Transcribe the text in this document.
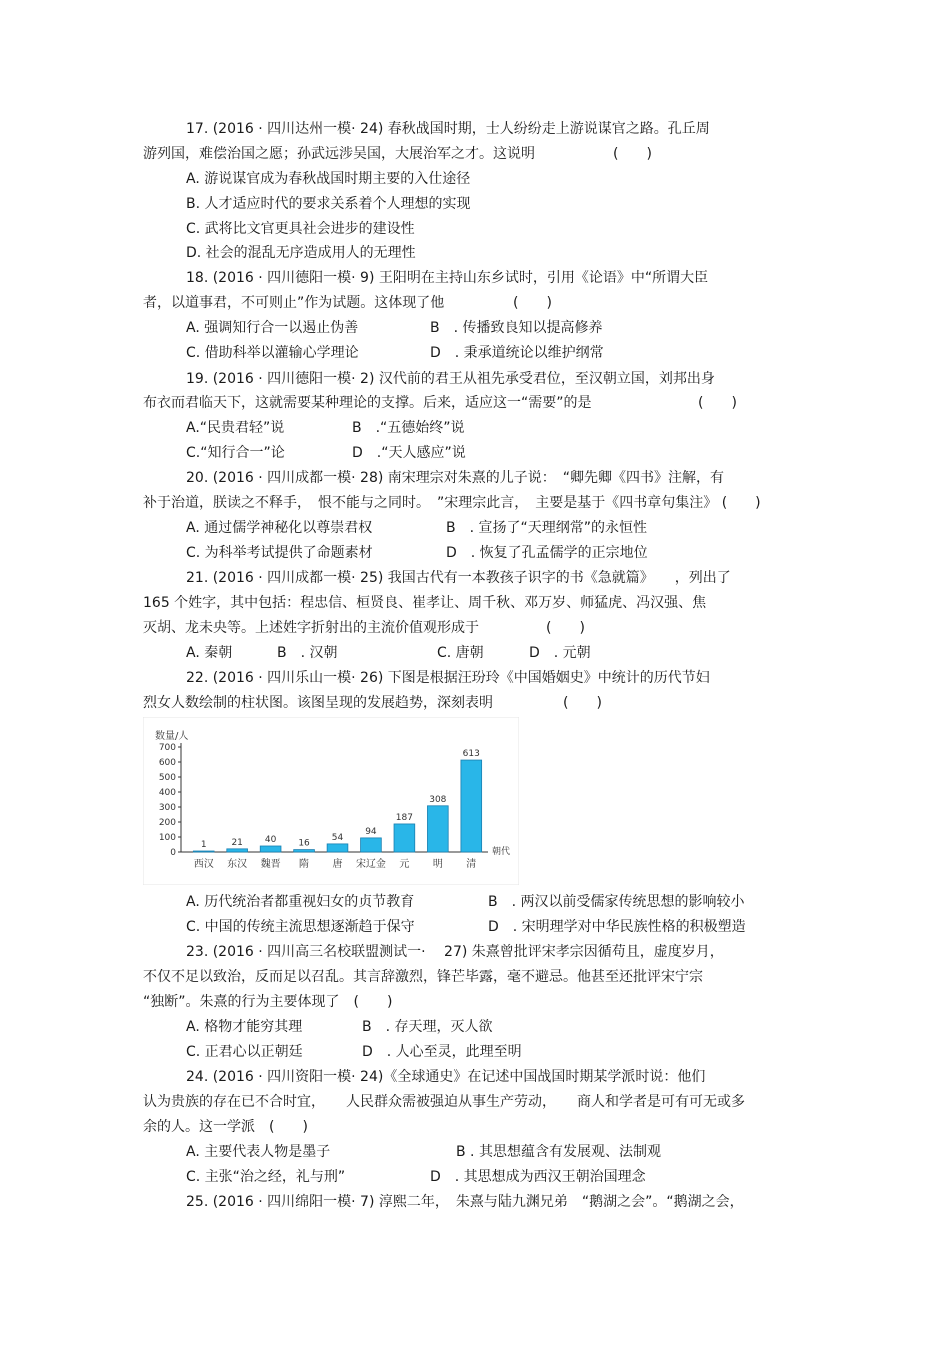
17. (2016 · 四川达州一模· 24) 春秋战国时期，士人纷纷走上游说谋官之路。孔丘周
游列国，难偿治国之愿；孙武远涉吴国，大展治军之才。这说明	(　　)
A. 游说谋官成为春秋战国时期主要的入仕途径
B. 人才适应时代的要求关系着个人理想的实现
C. 武将比文官更具社会进步的建设性
D. 社会的混乱无序造成用人的无理性
18. (2016 · 四川德阳一模· 9) 王阳明在主持山东乡试时，引用《论语》中“所谓大臣
者，以道事君，不可则止”作为试题。这体现了他	(　　)
19. (2016 · 四川德阳一模· 2) 汉代前的君王从祖先承受君位，至汉朝立国，刘邦出身
布衣而君临天下，这就需要某种理论的支撑。后来，适应这一“需要”的是	(　　)
20. (2016 · 四川成都一模· 28) 南宋理宗对朱熹的儿子说：　“卿先卿《四书》注解，有
补于治道，朕读之不释手，　恨不能与之同时。　”宋理宗此言，　主要是基于《四书章句集注》 (　　)
21. (2016 · 四川成都一模· 25) 我国古代有一本教孩子识字的书《急就篇》　　，列出了
165 个姓字，其中包括：程忠信、桓贤良、崔孝让、周千秋、邓万岁、师猛虎、冯汉强、焦
灭胡、龙未央等。上述姓字折射出的主流价值观形成于	(　　)
22. (2016 · 四川乐山一模· 26) 下图是根据汪玢玲《中国婚姻史》中统计的历代节妇
烈女人数绘制的柱状图。该图呈现的发展趋势，深刻表明	(　　)
23. (2016 · 四川高三名校联盟测试一· 　27) 朱熹曾批评宋孝宗因循苟且，虚度岁月，
不仅不足以致治，反而足以召乱。其言辞激烈，锋芒毕露，毫不避忌。他甚至还批评宋宁宗
“独断”。朱熹的行为主要体现了　(　　)
24. (2016 · 四川资阳一模· 24)《全球通史》在记述中国战国时期某学派时说：他们
认为贵族的存在已不合时宜，　　人民群众需被强迫从事生产劳动，　　商人和学者是可有可无或多
余的人。这一学派　(　　)
25. (2016 · 四川绵阳一模· 7) 淳熙二年，　朱熹与陆九渊兄弟　“鹅湖之会”。“鹅湖之会，
A. 强调知行合一以遏止伪善	B　. 传播致良知以提高修养
C. 借助科举以灌输心学理论	D　. 秉承道统论以维护纲常
A.“民贵君轻”说	B　.“五德始终”说
C.“知行合一”论	D　.“天人感应”说
A. 通过儒学神秘化以尊崇君权	B　. 宣扬了“天理纲常”的永恒性
C. 为科举考试提供了命题素材	D　. 恢复了孔孟儒学的正宗地位
A. 秦朝	B　. 汉朝	C. 唐朝	D　. 元朝
A. 历代统治者都重视妇女的贞节教育	B　. 两汉以前受儒家传统思想的影响较小
C. 中国的传统主流思想逐渐趋于保守	D　. 宋明理学对中华民族性格的积极塑造
A. 格物才能穷其理	B　. 存天理，灭人欲
C. 正君心以正朝廷	D　. 人心至灵，此理至明
A. 主要代表人物是墨子	B . 其思想蕴含有发展观、法制观
C. 主张“治之经，礼与刑”	D　. 其思想成为西汉王朝治国理念
数量/人
朝代
0
100
200
300
400
500
600
700
1
西汉
21
东汉
40
魏晋
16
隋
54
唐
94
宋辽金
187
元
308
明
613
清
